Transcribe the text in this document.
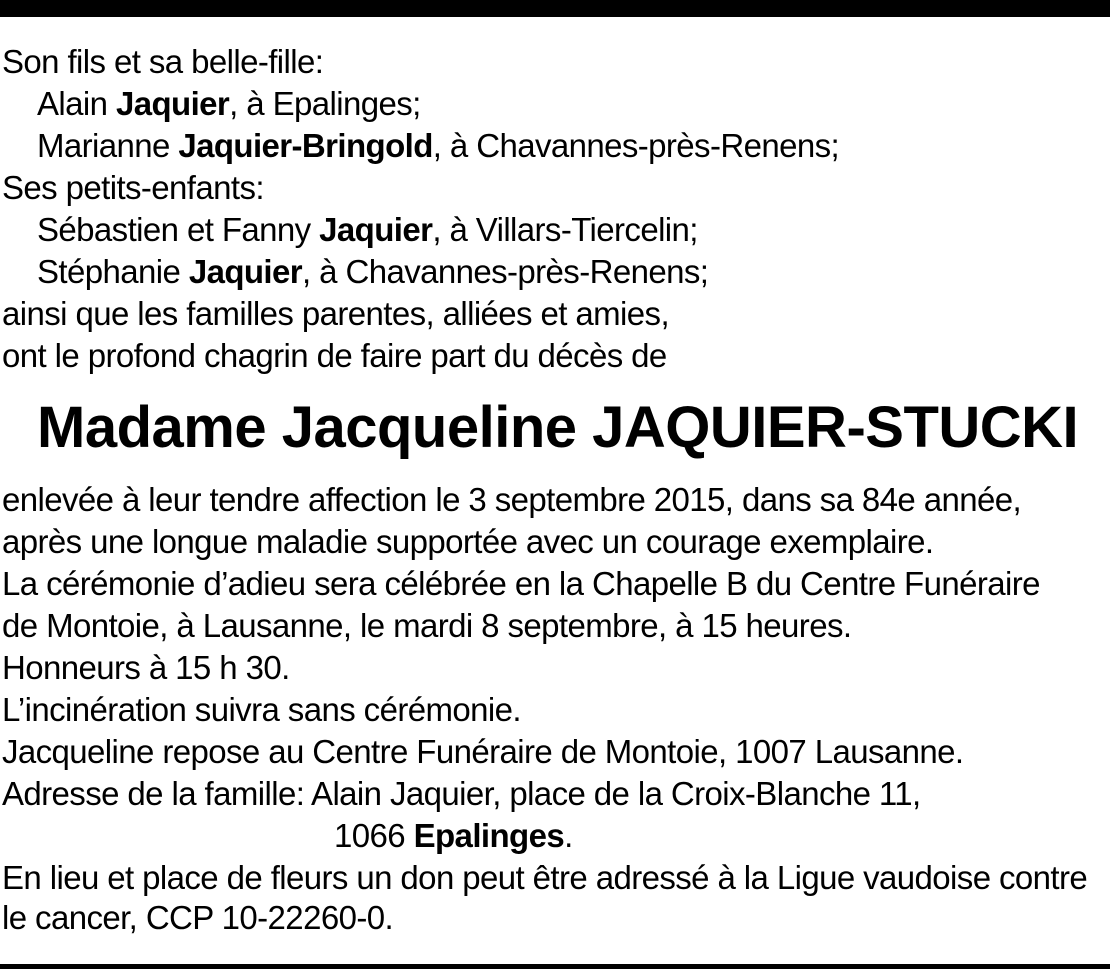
Son fils et sa belle-fille:
Alain Jaquier, à Epalinges;
Marianne Jaquier-Bringold, à Chavannes-près-Renens;
Ses petits-enfants:
Sébastien et Fanny Jaquier, à Villars-Tiercelin;
Stéphanie Jaquier, à Chavannes-près-Renens;
ainsi que les familles parentes, alliées et amies,
ont le profond chagrin de faire part du décès de
Madame Jacqueline JAQUIER-STUCKI
enlevée à leur tendre affection le 3 septembre 2015, dans sa 84e année,
après une longue maladie supportée avec un courage exemplaire.
La cérémonie d’adieu sera célébrée en la Chapelle B du Centre Funéraire
de Montoie, à Lausanne, le mardi 8 septembre, à 15 heures.
Honneurs à 15 h 30.
L’incinération suivra sans cérémonie.
Jacqueline repose au Centre Funéraire de Montoie, 1007 Lausanne.
Adresse de la famille: Alain Jaquier, place de la Croix-Blanche 11,
1066 Epalinges.
En lieu et place de fleurs un don peut être adressé à la Ligue vaudoise contre
le cancer, CCP 10-22260-0.
